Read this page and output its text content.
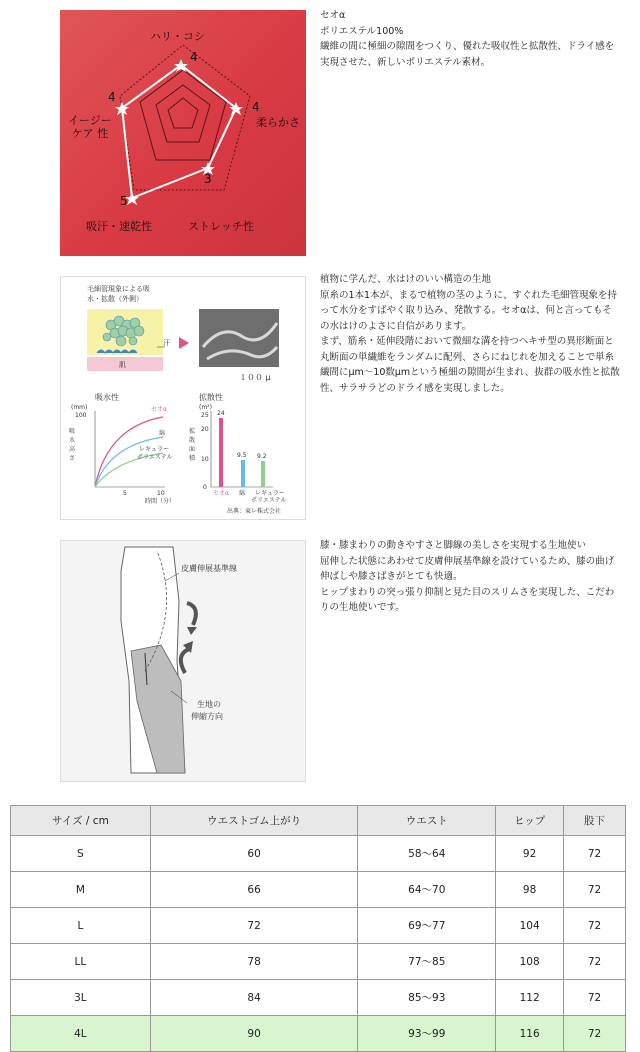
ハリ・コシ
4
4
柔らかさ
3
ストレッチ性
5
吸汗・速乾性
4
イージー
ケア 性

セオα

ポリエステル100%

繊維の間に極細の隙間をつくり、優れた吸収性と拡散性、ドライ感を実現させた、新しいポリエステル素材。

毛細管現象による吸
水・拡散（外側）
汗
肌
１００ μ
吸水性
(mm)
100
吸水高さ
5	10
時間（分）
セオα
綿
レギュラー
ポリエステル
拡散性
(m²)
25
20
10
0
拡散面積
24
9.5 9.2
セオα 綿 レギュラー
ポリエステル
出典：東レ株式会社

植物に学んだ、水はけのいい構造の生地

原糸の1本1本が、まるで植物の茎のように、すぐれた毛細管現象を持って水分をすばやく取り込み、発散する。セオαは、何と言ってもその水はけのよさに自信があります。

まず、筋糸・延伸段階において微細な溝を持つヘキサ型の異形断面と丸断面の単繊維をランダムに配列、さらにねじれを加えることで単糸繊間にμm～10数μmという極細の隙間が生まれ、抜群の吸水性と拡散性、サラサラどのドライ感を実現しました。

皮膚伸展基準線
生地の
伸縮方向

膝・膝まわりの動きやすさと脚線の美しさを実現する生地使い

屈伸した状態にあわせて皮膚伸展基準線を設けているため、膝の曲げ伸ばしや膝さばきがとても快適。

ヒップまわりの突っ張り抑制と見た目のスリムさを実現した、こだわりの生地使いです。

サイズ / cm	ウエストゴム上がり	ウエスト	ヒップ	股下
S	60	58～64	92	72
M	66	64～70	98	72
L	72	69～77	104	72
LL	78	77～85	108	72
3L	84	85～93	112	72
4L	90	93～99	116	72
